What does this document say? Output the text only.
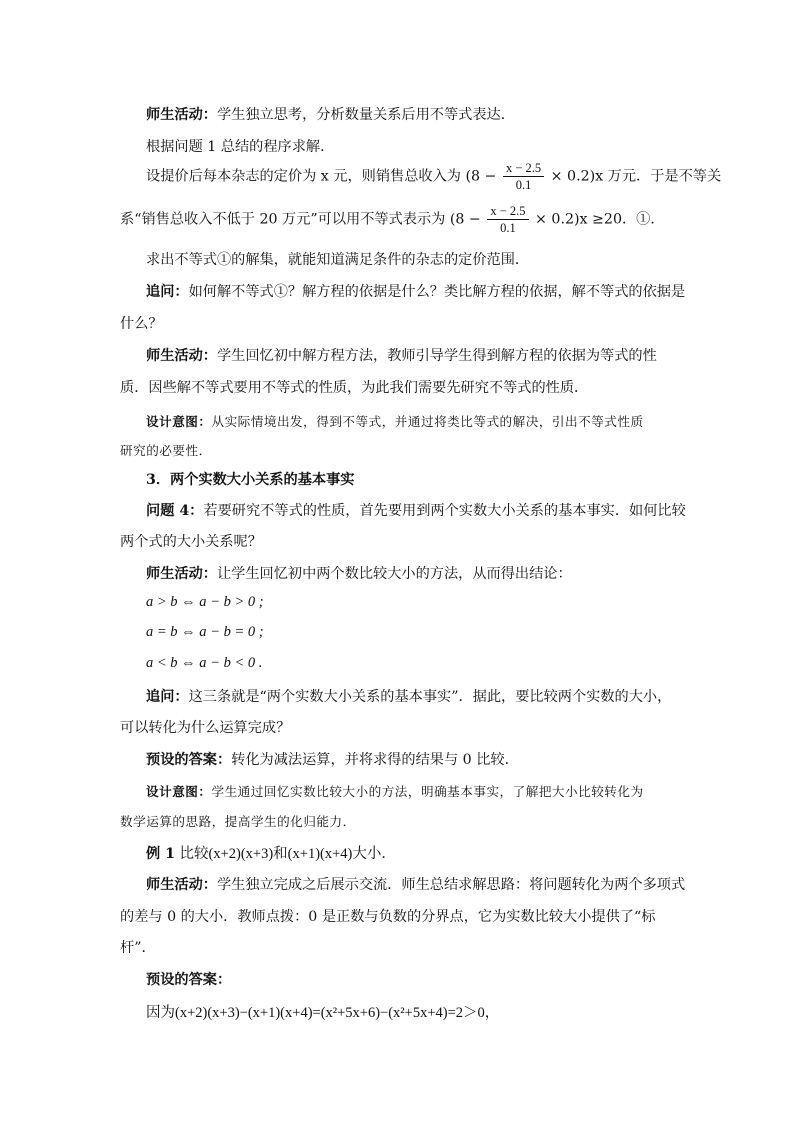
师生活动：学生独立思考，分析数量关系后用不等式表达．
根据问题 1 总结的程序求解．
设提价后每本杂志的定价为 x 元，则销售总收入为 $(8 - \frac{x - 2.5}{0.1} \times 0.2)x$ 万元．于是不等关
系“销售总收入不低于 20 万元”可以用不等式表示为 $(8 - \frac{x - 2.5}{0.1} \times 0.2)x \ge 20$．①．
求出不等式①的解集，就能知道满足条件的杂志的定价范围．
追问：如何解不等式①？解方程的依据是什么？类比解方程的依据，解不等式的依据是
什么？
师生活动：学生回忆初中解方程方法，教师引导学生得到解方程的依据为等式的性
质．因些解不等式要用不等式的性质，为此我们需要先研究不等式的性质．
设计意图：从实际情境出发，得到不等式，并通过将类比等式的解决，引出不等式性质
研究的必要性．
3．两个实数大小关系的基本事实
问题 4：若要研究不等式的性质，首先要用到两个实数大小关系的基本事实．如何比较
两个式的大小关系呢？
师生活动：让学生回忆初中两个数比较大小的方法，从而得出结论：
a > b ⇔ a − b > 0 ;
a = b ⇔ a − b = 0 ;
a < b ⇔ a − b < 0 .
追问：这三条就是“两个实数大小关系的基本事实”．据此，要比较两个实数的大小，
可以转化为什么运算完成？
预设的答案：转化为减法运算，并将求得的结果与 0 比较．
设计意图：学生通过回忆实数比较大小的方法，明确基本事实，了解把大小比较转化为
数学运算的思路，提高学生的化归能力．
例 1 比较(x+2)(x+3)和(x+1)(x+4)大小．
师生活动：学生独立完成之后展示交流．师生总结求解思路：将问题转化为两个多项式
的差与 0 的大小．教师点拨：0 是正数与负数的分界点，它为实数比较大小提供了“标
杆”．
预设的答案：
因为(x+2)(x+3)−(x+1)(x+4)=(x²+5x+6)−(x²+5x+4)=2＞0，
